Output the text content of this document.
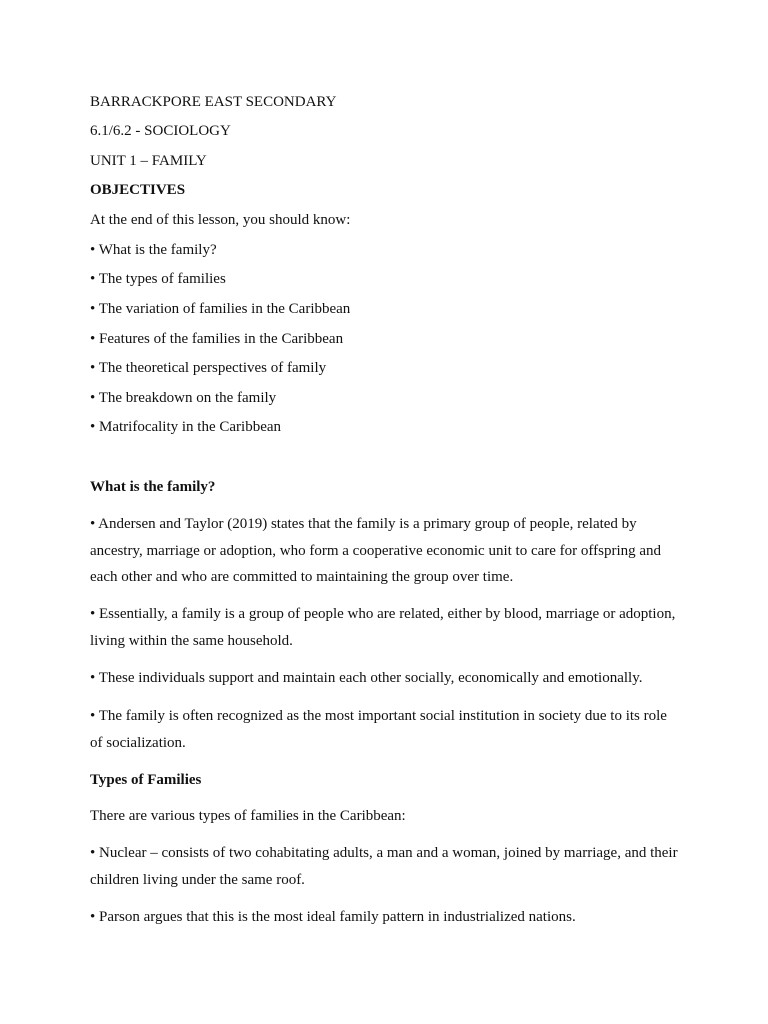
BARRACKPORE EAST SECONDARY
6.1/6.2 - SOCIOLOGY
UNIT 1 – FAMILY
OBJECTIVES
At the end of this lesson, you should know:
• What is the family?
• The types of families
• The variation of families in the Caribbean
• Features of the families in the Caribbean
• The theoretical perspectives of family
• The breakdown on the family
• Matrifocality in the Caribbean
What is the family?
• Andersen and Taylor (2019) states that the family is a primary group of people, related by ancestry, marriage or adoption, who form a cooperative economic unit to care for offspring and each other and who are committed to maintaining the group over time.
• Essentially, a family is a group of people who are related, either by blood, marriage or adoption, living within the same household.
• These individuals support and maintain each other socially, economically and emotionally.
• The family is often recognized as the most important social institution in society due to its role of socialization.
Types of Families
There are various types of families in the Caribbean:
• Nuclear – consists of two cohabitating adults, a man and a woman, joined by marriage, and their children living under the same roof.
• Parson argues that this is the most ideal family pattern in industrialized nations.
